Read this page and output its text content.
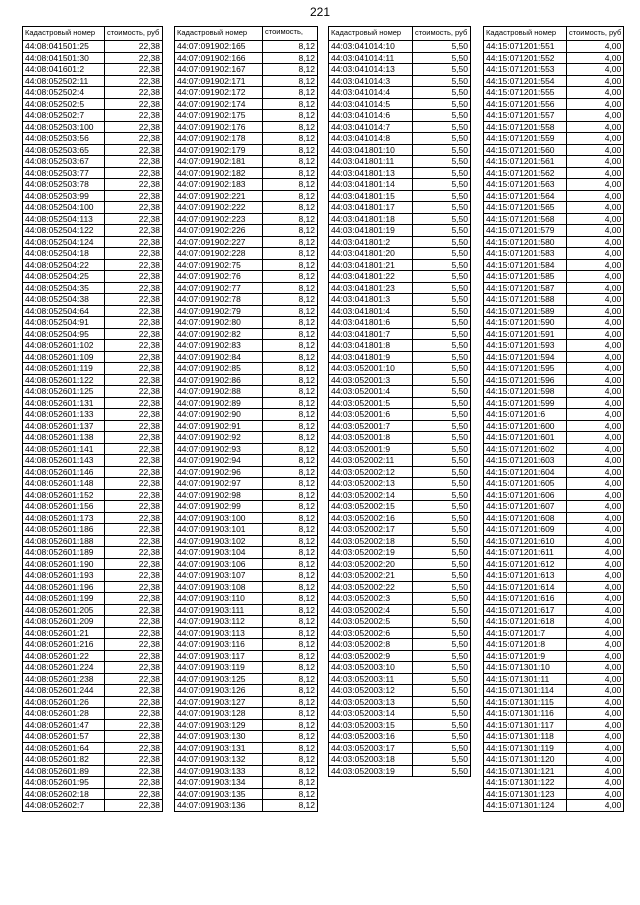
221
Кадастровый номер	стоимость, руб
44:08:041501:25	22,38
44:08:041501:30	22,38
44:08:041601:2	22,38
44:08:052502:11	22,38
44:08:052502:4	22,38
44:08:052502:5	22,38
44:08:052502:7	22,38
44:08:052503:100	22,38
44:08:052503:56	22,38
44:08:052503:65	22,38
44:08:052503:67	22,38
44:08:052503:77	22,38
44:08:052503:78	22,38
44:08:052503:99	22,38
44:08:052504:100	22,38
44:08:052504:113	22,38
44:08:052504:122	22,38
44:08:052504:124	22,38
44:08:052504:18	22,38
44:08:052504:22	22,38
44:08:052504:25	22,38
44:08:052504:35	22,38
44:08:052504:38	22,38
44:08:052504:64	22,38
44:08:052504:91	22,38
44:08:052504:95	22,38
44:08:052601:102	22,38
44:08:052601:109	22,38
44:08:052601:119	22,38
44:08:052601:122	22,38
44:08:052601:125	22,38
44:08:052601:131	22,38
44:08:052601:133	22,38
44:08:052601:137	22,38
44:08:052601:138	22,38
44:08:052601:141	22,38
44:08:052601:143	22,38
44:08:052601:146	22,38
44:08:052601:148	22,38
44:08:052601:152	22,38
44:08:052601:156	22,38
44:08:052601:173	22,38
44:08:052601:186	22,38
44:08:052601:188	22,38
44:08:052601:189	22,38
44:08:052601:190	22,38
44:08:052601:193	22,38
44:08:052601:196	22,38
44:08:052601:199	22,38
44:08:052601:205	22,38
44:08:052601:209	22,38
44:08:052601:21	22,38
44:08:052601:216	22,38
44:08:052601:22	22,38
44:08:052601:224	22,38
44:08:052601:238	22,38
44:08:052601:244	22,38
44:08:052601:26	22,38
44:08:052601:28	22,38
44:08:052601:47	22,38
44:08:052601:57	22,38
44:08:052601:64	22,38
44:08:052601:82	22,38
44:08:052601:89	22,38
44:08:052601:95	22,38
44:08:052602:18	22,38
44:08:052602:7	22,38
Кадастровый номер	стоимость,
44:07:091902:165	8,12
44:07:091902:166	8,12
44:07:091902:167	8,12
44:07:091902:171	8,12
44:07:091902:172	8,12
44:07:091902:174	8,12
44:07:091902:175	8,12
44:07:091902:176	8,12
44:07:091902:178	8,12
44:07:091902:179	8,12
44:07:091902:181	8,12
44:07:091902:182	8,12
44:07:091902:183	8,12
44:07:091902:221	8,12
44:07:091902:222	8,12
44:07:091902:223	8,12
44:07:091902:226	8,12
44:07:091902:227	8,12
44:07:091902:228	8,12
44:07:091902:75	8,12
44:07:091902:76	8,12
44:07:091902:77	8,12
44:07:091902:78	8,12
44:07:091902:79	8,12
44:07:091902:80	8,12
44:07:091902:82	8,12
44:07:091902:83	8,12
44:07:091902:84	8,12
44:07:091902:85	8,12
44:07:091902:86	8,12
44:07:091902:88	8,12
44:07:091902:89	8,12
44:07:091902:90	8,12
44:07:091902:91	8,12
44:07:091902:92	8,12
44:07:091902:93	8,12
44:07:091902:94	8,12
44:07:091902:96	8,12
44:07:091902:97	8,12
44:07:091902:98	8,12
44:07:091902:99	8,12
44:07:091903:100	8,12
44:07:091903:101	8,12
44:07:091903:102	8,12
44:07:091903:104	8,12
44:07:091903:106	8,12
44:07:091903:107	8,12
44:07:091903:108	8,12
44:07:091903:110	8,12
44:07:091903:111	8,12
44:07:091903:112	8,12
44:07:091903:113	8,12
44:07:091903:116	8,12
44:07:091903:117	8,12
44:07:091903:119	8,12
44:07:091903:125	8,12
44:07:091903:126	8,12
44:07:091903:127	8,12
44:07:091903:128	8,12
44:07:091903:129	8,12
44:07:091903:130	8,12
44:07:091903:131	8,12
44:07:091903:132	8,12
44:07:091903:133	8,12
44:07:091903:134	8,12
44:07:091903:135	8,12
44:07:091903:136	8,12
Кадастровый номер	стоимость, руб
44:03:041014:10	5,50
44:03:041014:11	5,50
44:03:041014:13	5,50
44:03:041014:3	5,50
44:03:041014:4	5,50
44:03:041014:5	5,50
44:03:041014:6	5,50
44:03:041014:7	5,50
44:03:041014:8	5,50
44:03:041801:10	5,50
44:03:041801:11	5,50
44:03:041801:13	5,50
44:03:041801:14	5,50
44:03:041801:15	5,50
44:03:041801:17	5,50
44:03:041801:18	5,50
44:03:041801:19	5,50
44:03:041801:2	5,50
44:03:041801:20	5,50
44:03:041801:21	5,50
44:03:041801:22	5,50
44:03:041801:23	5,50
44:03:041801:3	5,50
44:03:041801:4	5,50
44:03:041801:6	5,50
44:03:041801:7	5,50
44:03:041801:8	5,50
44:03:041801:9	5,50
44:03:052001:10	5,50
44:03:052001:3	5,50
44:03:052001:4	5,50
44:03:052001:5	5,50
44:03:052001:6	5,50
44:03:052001:7	5,50
44:03:052001:8	5,50
44:03:052001:9	5,50
44:03:052002:11	5,50
44:03:052002:12	5,50
44:03:052002:13	5,50
44:03:052002:14	5,50
44:03:052002:15	5,50
44:03:052002:16	5,50
44:03:052002:17	5,50
44:03:052002:18	5,50
44:03:052002:19	5,50
44:03:052002:20	5,50
44:03:052002:21	5,50
44:03:052002:22	5,50
44:03:052002:3	5,50
44:03:052002:4	5,50
44:03:052002:5	5,50
44:03:052002:6	5,50
44:03:052002:8	5,50
44:03:052002:9	5,50
44:03:052003:10	5,50
44:03:052003:11	5,50
44:03:052003:12	5,50
44:03:052003:13	5,50
44:03:052003:14	5,50
44:03:052003:15	5,50
44:03:052003:16	5,50
44:03:052003:17	5,50
44:03:052003:18	5,50
44:03:052003:19	5,50
Кадастровый номер	стоимость, руб
44:15:071201:551	4,00
44:15:071201:552	4,00
44:15:071201:553	4,00
44:15:071201:554	4,00
44:15:071201:555	4,00
44:15:071201:556	4,00
44:15:071201:557	4,00
44:15:071201:558	4,00
44:15:071201:559	4,00
44:15:071201:560	4,00
44:15:071201:561	4,00
44:15:071201:562	4,00
44:15:071201:563	4,00
44:15:071201:564	4,00
44:15:071201:565	4,00
44:15:071201:568	4,00
44:15:071201:579	4,00
44:15:071201:580	4,00
44:15:071201:583	4,00
44:15:071201:584	4,00
44:15:071201:585	4,00
44:15:071201:587	4,00
44:15:071201:588	4,00
44:15:071201:589	4,00
44:15:071201:590	4,00
44:15:071201:591	4,00
44:15:071201:593	4,00
44:15:071201:594	4,00
44:15:071201:595	4,00
44:15:071201:596	4,00
44:15:071201:598	4,00
44:15:071201:599	4,00
44:15:071201:6	4,00
44:15:071201:600	4,00
44:15:071201:601	4,00
44:15:071201:602	4,00
44:15:071201:603	4,00
44:15:071201:604	4,00
44:15:071201:605	4,00
44:15:071201:606	4,00
44:15:071201:607	4,00
44:15:071201:608	4,00
44:15:071201:609	4,00
44:15:071201:610	4,00
44:15:071201:611	4,00
44:15:071201:612	4,00
44:15:071201:613	4,00
44:15:071201:614	4,00
44:15:071201:616	4,00
44:15:071201:617	4,00
44:15:071201:618	4,00
44:15:071201:7	4,00
44:15:071201:8	4,00
44:15:071201:9	4,00
44:15:071301:10	4,00
44:15:071301:11	4,00
44:15:071301:114	4,00
44:15:071301:115	4,00
44:15:071301:116	4,00
44:15:071301:117	4,00
44:15:071301:118	4,00
44:15:071301:119	4,00
44:15:071301:120	4,00
44:15:071301:121	4,00
44:15:071301:122	4,00
44:15:071301:123	4,00
44:15:071301:124	4,00
